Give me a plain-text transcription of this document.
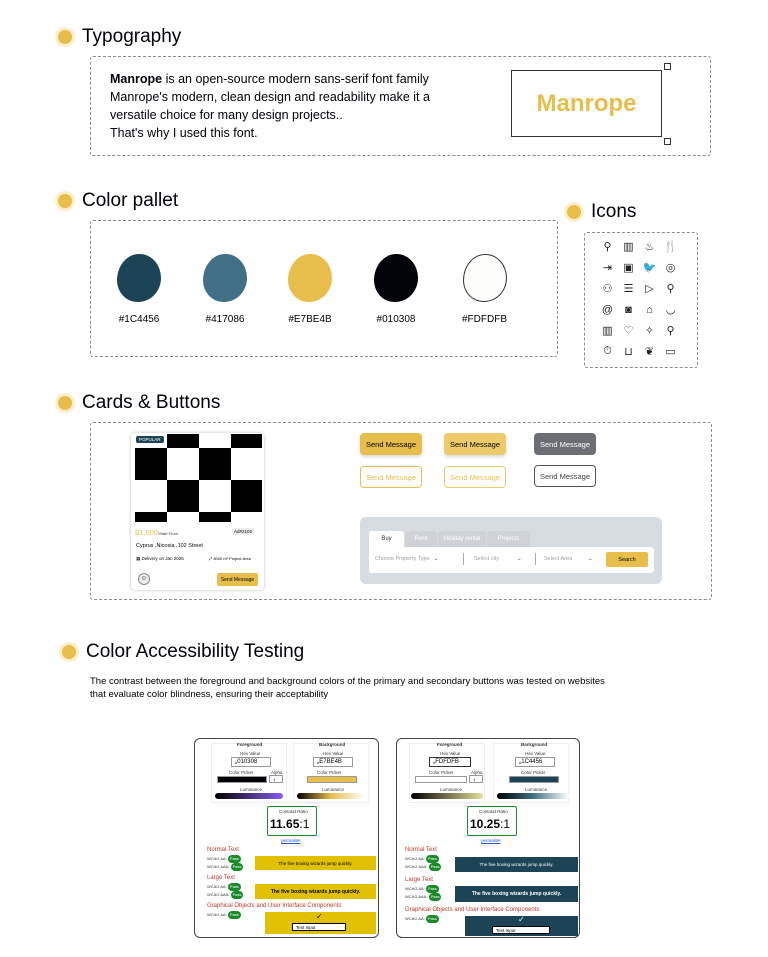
Typography
Manrope is an open-source modern sans-serif font family
Manrope's modern, clean design and readability make it a
versatile choice for many design projects..
That's why I used this font.
Manrope
Color pallet
#1C4456	#417086	#E7BE4B	#010308	#FDFDFB
Icons
⚲	▥ ♨ 🍴
⇥	▣ 🐦 ◎
⚇	☰	▷	⚲
@	◙	⌂	◡
▥ ♡	✧	⚲
⏱	⊔	❦	▭
Cards & Buttons
POPULAR	♡
●●●
$1,600/Start From	Ad#2102
Cyprus ,Nicosia ,102 Street
▦ Delivery on Jan 2025	⤢ 5000 m² Project Area
☺	Send Message
Send Message	Send Message	Send Message
Send Message	Send Message	Send Message
Buy	Rent	Holiday rental	Projects
Choose Property Type ⌄	Select city	⌄	Select Area	⌄	Search
Color Accessibility Testing
The contrast between the foreground and background colors of the primary and secondary buttons was tested on websites
that evaluate color blindness, ensuring their acceptability
Foreground	Background
Hex Value	Hex Value
# 010308	# E7BE4B
Color Picker	Alpha	Color Picker
1
Luminance	Luminance
Contrast Ratio
11.65:1
permalink
Normal Text
WCAG AA: Pass
WCAG AAA: Pass
The five boxing wizards jump quickly.
Large Text
WCAG AA: Pass
WCAG AAA: Pass	The five boxing wizards jump quickly.
Graphical Objects and User Interface Components
WCAG AA: Pass	✓
Text Input
Foreground	Background
Hex Value	Hex Value
# FDFDFB	# 1C4456
Color Picker	Alpha	Color Picker
1
Luminance	Luminance
Contrast Ratio
10.25:1
permalink
Normal Text
WCAG AA: Pass
WCAG AAA: Pass	The five boxing wizards jump quickly.
Large Text
WCAG AA: Pass
WCAG AAA: Pass	The five boxing wizards jump quickly.
Graphical Objects and User Interface Components
WCAG AA: Pass	✓
Text Input
